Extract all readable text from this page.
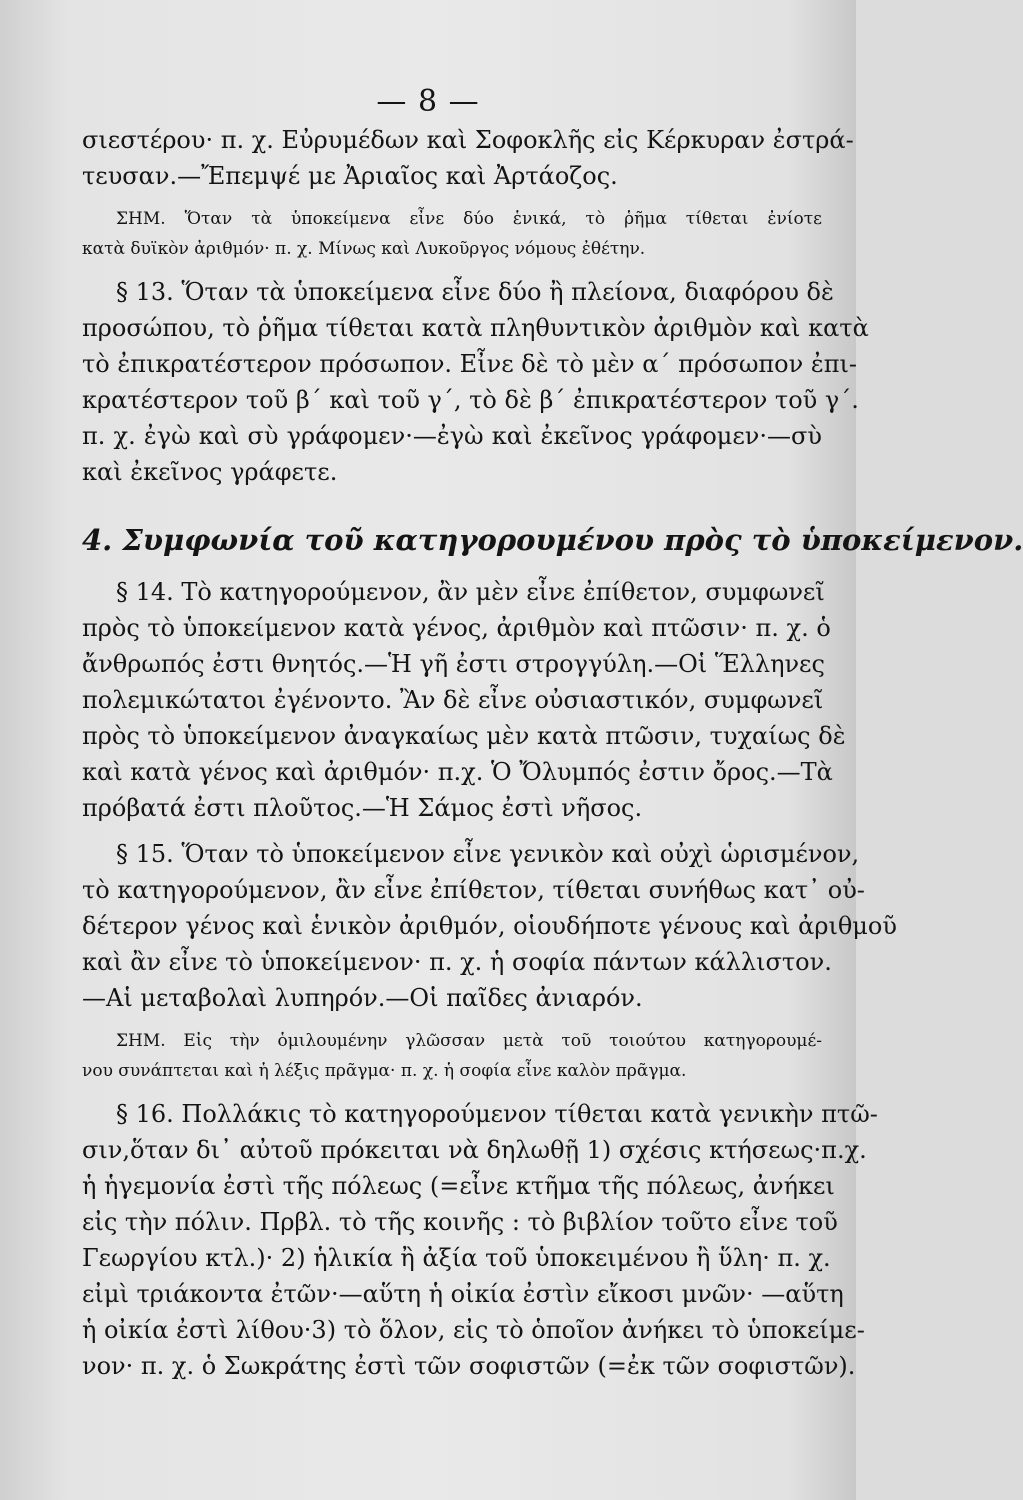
— 8 —
σιεστέρου· π. χ. Εὐρυμέδων καὶ Σοφοκλῆς εἰς Κέρκυραν ἐστρά-
τευσαν.—Ἔπεμψέ με Ἀριαῖος καὶ Ἀρτάοζος.
ΣΗΜ. Ὅταν τὰ ὑποκείμενα εἶνε δύο ἑνικά, τὸ ῥῆμα τίθεται ἐνίοτε
κατὰ δυϊκὸν ἀριθμόν· π. χ. Μίνως καὶ Λυκοῦργος νόμους ἐθέτην.
§ 13. Ὅταν τὰ ὑποκείμενα εἶνε δύο ἢ πλείονα, διαφόρου δὲ
προσώπου, τὸ ῥῆμα τίθεται κατὰ πληθυντικὸν ἀριθμὸν καὶ κατὰ
τὸ ἐπικρατέστερον πρόσωπον. Εἶνε δὲ τὸ μὲν α΄ πρόσωπον ἐπι-
κρατέστερον τοῦ β΄ καὶ τοῦ γ΄, τὸ δὲ β΄ ἐπικρατέστερον τοῦ γ΄.
π. χ. ἐγὼ καὶ σὺ γράφομεν·—ἐγὼ καὶ ἐκεῖνος γράφομεν·—σὺ
καὶ ἐκεῖνος γράφετε.
4. Συμφωνία τοῦ κατηγορουμένου πρὸς τὸ ὑποκείμενον.
§ 14. Τὸ κατηγορούμενον, ἂν μὲν εἶνε ἐπίθετον, συμφωνεῖ
πρὸς τὸ ὑποκείμενον κατὰ γένος, ἀριθμὸν καὶ πτῶσιν· π. χ. ὁ
ἄνθρωπός ἐστι θνητός.—Ἡ γῆ ἐστι στρογγύλη.—Οἱ Ἕλληνες
πολεμικώτατοι ἐγένοντο. Ἂν δὲ εἶνε οὐσιαστικόν, συμφωνεῖ
πρὸς τὸ ὑποκείμενον ἀναγκαίως μὲν κατὰ πτῶσιν, τυχαίως δὲ
καὶ κατὰ γένος καὶ ἀριθμόν· π.χ. Ὁ Ὄλυμπός ἐστιν ὄρος.—Τὰ
πρόβατά ἐστι πλοῦτος.—Ἡ Σάμος ἐστὶ νῆσος.
§ 15. Ὅταν τὸ ὑποκείμενον εἶνε γενικὸν καὶ οὐχὶ ὡρισμένον,
τὸ κατηγορούμενον, ἂν εἶνε ἐπίθετον, τίθεται συνήθως κατ᾽ οὐ-
δέτερον γένος καὶ ἑνικὸν ἀριθμόν, οἱουδήποτε γένους καὶ ἀριθμοῦ
καὶ ἂν εἶνε τὸ ὑποκείμενον· π. χ. ἡ σοφία πάντων κάλλιστον.
—Αἱ μεταβολαὶ λυπηρόν.—Οἱ παῖδες ἀνιαρόν.
ΣΗΜ. Εἰς τὴν ὁμιλουμένην γλῶσσαν μετὰ τοῦ τοιούτου κατηγορουμέ-
νου συνάπτεται καὶ ἡ λέξις πρᾶγμα· π. χ. ἡ σοφία εἶνε καλὸν πρᾶγμα.
§ 16. Πολλάκις τὸ κατηγορούμενον τίθεται κατὰ γενικὴν πτῶ-
σιν,ὅταν δι᾽ αὐτοῦ πρόκειται νὰ δηλωθῇ 1) σχέσις κτήσεως·π.χ.
ἡ ἡγεμονία ἐστὶ τῆς πόλεως (=εἶνε κτῆμα τῆς πόλεως, ἀνήκει
εἰς τὴν πόλιν. Πρβλ. τὸ τῆς κοινῆς : τὸ βιβλίον τοῦτο εἶνε τοῦ
Γεωργίου κτλ.)· 2) ἡλικία ἢ ἀξία τοῦ ὑποκειμένου ἢ ὕλη· π. χ.
εἰμὶ τριάκοντα ἐτῶν·—αὕτη ἡ οἰκία ἐστὶν εἴκοσι μνῶν· —αὕτη
ἡ οἰκία ἐστὶ λίθου·3) τὸ ὅλον, εἰς τὸ ὁποῖον ἀνήκει τὸ ὑποκείμε-
νον· π. χ. ὁ Σωκράτης ἐστὶ τῶν σοφιστῶν (=ἐκ τῶν σοφιστῶν).
